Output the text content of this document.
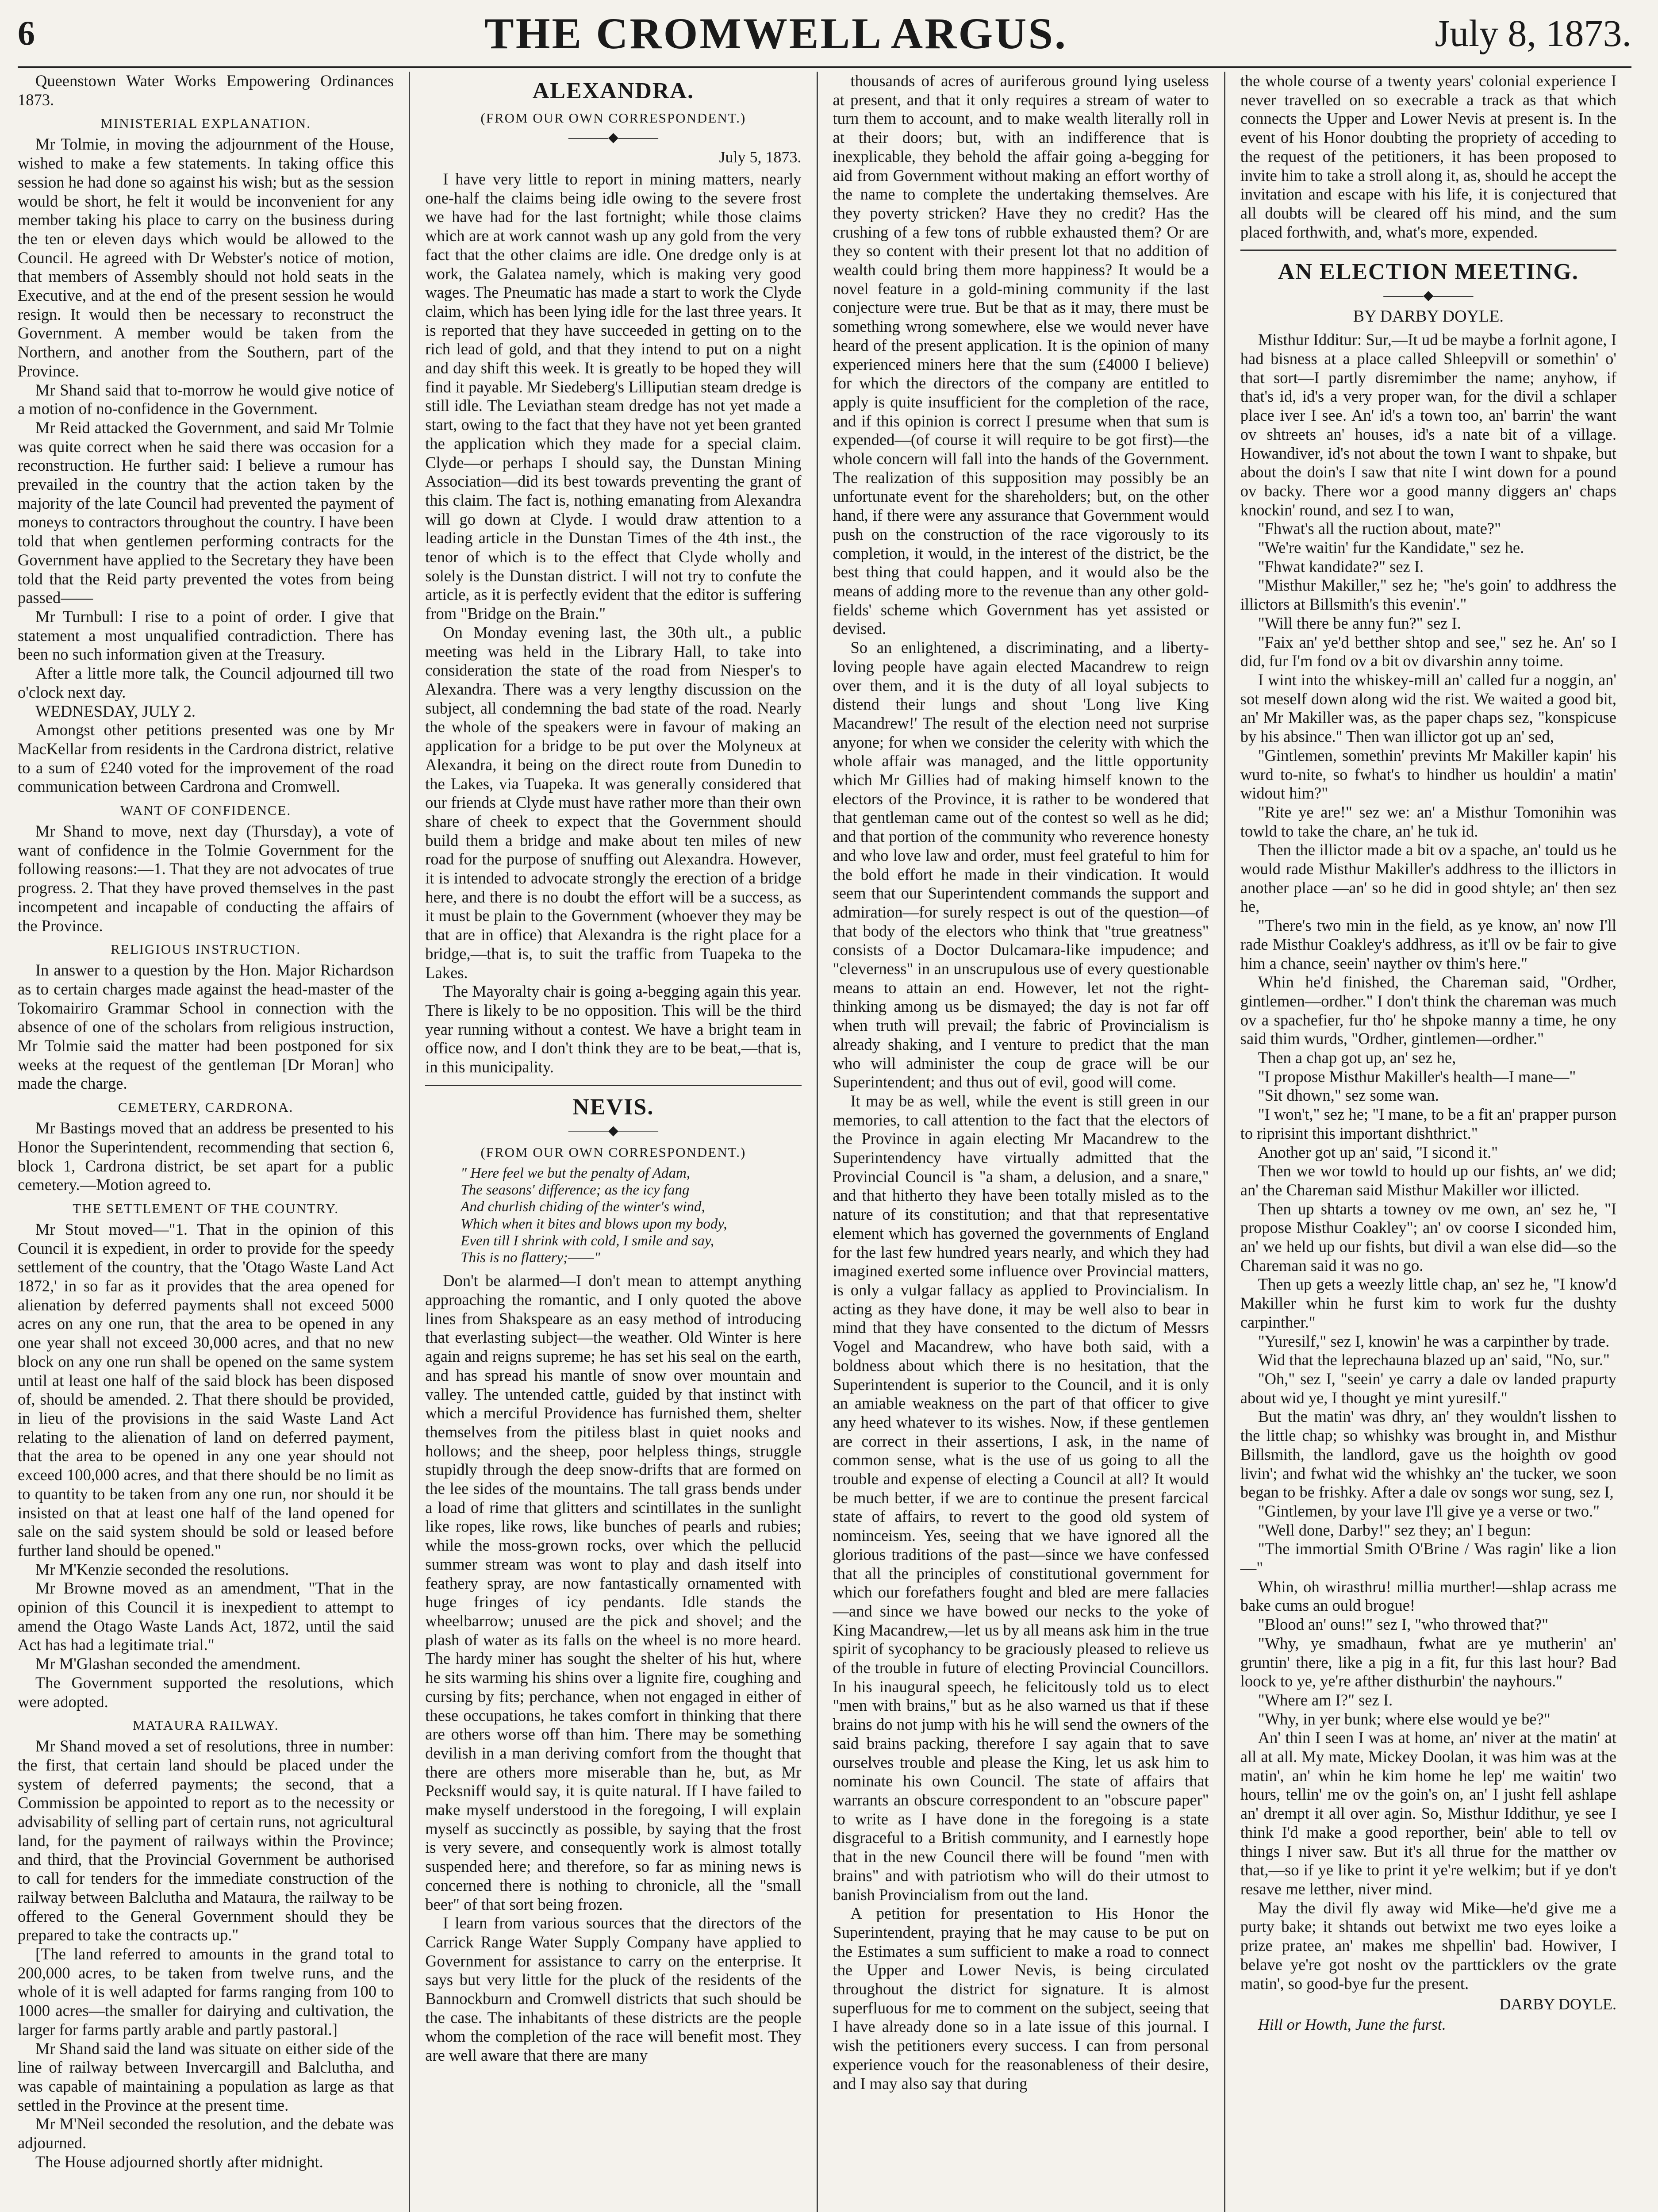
6	THE CROMWELL ARGUS.	July 8, 1873.

Queenstown Water Works Empowering Ordinances 1873.

MINISTERIAL EXPLANATION.

Mr Tolmie, in moving the adjournment of the House, wished to make a few statements. In taking office this session he had done so against his wish; but as the session would be short, he felt it would be inconvenient for any member taking his place to carry on the business during the ten or eleven days which would be allowed to the Council. He agreed with Dr Webster's notice of motion, that members of Assembly should not hold seats in the Executive, and at the end of the present session he would resign. It would then be necessary to reconstruct the Government. A member would be taken from the Northern, and another from the Southern, part of the Province.

Mr Shand said that to-morrow he would give notice of a motion of no-confidence in the Government.

Mr Reid attacked the Government, and said Mr Tolmie was quite correct when he said there was occasion for a reconstruction. He further said: I believe a rumour has prevailed in the country that the action taken by the majority of the late Council had prevented the payment of moneys to contractors throughout the country. I have been told that when gentlemen performing contracts for the Government have applied to the Secretary they have been told that the Reid party prevented the votes from being passed——

Mr Turnbull: I rise to a point of order. I give that statement a most unqualified contradiction. There has been no such information given at the Treasury.

After a little more talk, the Council adjourned till two o'clock next day.

WEDNESDAY, JULY 2.

Amongst other petitions presented was one by Mr MacKellar from residents in the Cardrona district, relative to a sum of £240 voted for the improvement of the road communication between Cardrona and Cromwell.

WANT OF CONFIDENCE.

Mr Shand to move, next day (Thursday), a vote of want of confidence in the Tolmie Government for the following reasons:—1. That they are not advocates of true progress. 2. That they have proved themselves in the past incompetent and incapable of conducting the affairs of the Province.

RELIGIOUS INSTRUCTION.

In answer to a question by the Hon. Major Richardson as to certain charges made against the head-master of the Tokomairiro Grammar School in connection with the absence of one of the scholars from religious instruction, Mr Tolmie said the matter had been postponed for six weeks at the request of the gentleman [Dr Moran] who made the charge.

CEMETERY, CARDRONA.

Mr Bastings moved that an address be presented to his Honor the Superintendent, recommending that section 6, block 1, Cardrona district, be set apart for a public cemetery.—Motion agreed to.

THE SETTLEMENT OF THE COUNTRY.

Mr Stout moved—"1. That in the opinion of this Council it is expedient, in order to provide for the speedy settlement of the country, that the 'Otago Waste Land Act 1872,' in so far as it provides that the area opened for alienation by deferred payments shall not exceed 5000 acres on any one run, that the area to be opened in any one year shall not exceed 30,000 acres, and that no new block on any one run shall be opened on the same system until at least one half of the said block has been disposed of, should be amended. 2. That there should be provided, in lieu of the provisions in the said Waste Land Act relating to the alienation of land on deferred payment, that the area to be opened in any one year should not exceed 100,000 acres, and that there should be no limit as to quantity to be taken from any one run, nor should it be insisted on that at least one half of the land opened for sale on the said system should be sold or leased before further land should be opened."

Mr M'Kenzie seconded the resolutions.

Mr Browne moved as an amendment, "That in the opinion of this Council it is inexpedient to attempt to amend the Otago Waste Lands Act, 1872, until the said Act has had a legitimate trial."

Mr M'Glashan seconded the amendment.

The Government supported the resolutions, which were adopted.

MATAURA RAILWAY.

Mr Shand moved a set of resolutions, three in number: the first, that certain land should be placed under the system of deferred payments; the second, that a Commission be appointed to report as to the necessity or advisability of selling part of certain runs, not agricultural land, for the payment of railways within the Province; and third, that the Provincial Government be authorised to call for tenders for the immediate construction of the railway between Balclutha and Mataura, the railway to be offered to the General Government should they be prepared to take the contracts up."

[The land referred to amounts in the grand total to 200,000 acres, to be taken from twelve runs, and the whole of it is well adapted for farms ranging from 100 to 1000 acres—the smaller for dairying and cultivation, the larger for farms partly arable and partly pastoral.]

Mr Shand said the land was situate on either side of the line of railway between Invercargill and Balclutha, and was capable of maintaining a population as large as that settled in the Province at the present time.

Mr M'Neil seconded the resolution, and the debate was adjourned.

The House adjourned shortly after midnight.

ALEXANDRA.
(FROM OUR OWN CORRESPONDENT.)
———◆———
July 5, 1873.

I have very little to report in mining matters, nearly one-half the claims being idle owing to the severe frost we have had for the last fortnight; while those claims which are at work cannot wash up any gold from the very fact that the other claims are idle. One dredge only is at work, the Galatea namely, which is making very good wages. The Pneumatic has made a start to work the Clyde claim, which has been lying idle for the last three years. It is reported that they have succeeded in getting on to the rich lead of gold, and that they intend to put on a night and day shift this week. It is greatly to be hoped they will find it payable. Mr Siedeberg's Lilliputian steam dredge is still idle. The Leviathan steam dredge has not yet made a start, owing to the fact that they have not yet been granted the application which they made for a special claim. Clyde—or perhaps I should say, the Dunstan Mining Association—did its best towards preventing the grant of this claim. The fact is, nothing emanating from Alexandra will go down at Clyde. I would draw attention to a leading article in the Dunstan Times of the 4th inst., the tenor of which is to the effect that Clyde wholly and solely is the Dunstan district. I will not try to confute the article, as it is perfectly evident that the editor is suffering from "Bridge on the Brain."

On Monday evening last, the 30th ult., a public meeting was held in the Library Hall, to take into consideration the state of the road from Niesper's to Alexandra. There was a very lengthy discussion on the subject, all condemning the bad state of the road. Nearly the whole of the speakers were in favour of making an application for a bridge to be put over the Molyneux at Alexandra, it being on the direct route from Dunedin to the Lakes, via Tuapeka. It was generally considered that our friends at Clyde must have rather more than their own share of cheek to expect that the Government should build them a bridge and make about ten miles of new road for the purpose of snuffing out Alexandra. However, it is intended to advocate strongly the erection of a bridge here, and there is no doubt the effort will be a success, as it must be plain to the Government (whoever they may be that are in office) that Alexandra is the right place for a bridge,—that is, to suit the traffic from Tuapeka to the Lakes.

The Mayoralty chair is going a-begging again this year. There is likely to be no opposition. This will be the third year running without a contest. We have a bright team in office now, and I don't think they are to be beat,—that is, in this municipality.

NEVIS.
———◆———
(FROM OUR OWN CORRESPONDENT.)
" Here feel we but the penalty of Adam,
The seasons' difference; as the icy fang
And churlish chiding of the winter's wind,
Which when it bites and blows upon my body,
Even till I shrink with cold, I smile and say,
This is no flattery;——"

Don't be alarmed—I don't mean to attempt anything approaching the romantic, and I only quoted the above lines from Shakspeare as an easy method of introducing that everlasting subject—the weather. Old Winter is here again and reigns supreme; he has set his seal on the earth, and has spread his mantle of snow over mountain and valley. The untended cattle, guided by that instinct with which a merciful Providence has furnished them, shelter themselves from the pitiless blast in quiet nooks and hollows; and the sheep, poor helpless things, struggle stupidly through the deep snow-drifts that are formed on the lee sides of the mountains. The tall grass bends under a load of rime that glitters and scintillates in the sunlight like ropes, like rows, like bunches of pearls and rubies; while the moss-grown rocks, over which the pellucid summer stream was wont to play and dash itself into feathery spray, are now fantastically ornamented with huge fringes of icy pendants. Idle stands the wheelbarrow; unused are the pick and shovel; and the plash of water as its falls on the wheel is no more heard. The hardy miner has sought the shelter of his hut, where he sits warming his shins over a lignite fire, coughing and cursing by fits; perchance, when not engaged in either of these occupations, he takes comfort in thinking that there are others worse off than him. There may be something devilish in a man deriving comfort from the thought that there are others more miserable than he, but, as Mr Pecksniff would say, it is quite natural. If I have failed to make myself understood in the foregoing, I will explain myself as succinctly as possible, by saying that the frost is very severe, and consequently work is almost totally suspended here; and therefore, so far as mining news is concerned there is nothing to chronicle, all the "small beer" of that sort being frozen.

I learn from various sources that the directors of the Carrick Range Water Supply Company have applied to Government for assistance to carry on the enterprise. It says but very little for the pluck of the residents of the Bannockburn and Cromwell districts that such should be the case. The inhabitants of these districts are the people whom the completion of the race will benefit most. They are well aware that there are many

thousands of acres of auriferous ground lying useless at present, and that it only requires a stream of water to turn them to account, and to make wealth literally roll in at their doors; but, with an indifference that is inexplicable, they behold the affair going a-begging for aid from Government without making an effort worthy of the name to complete the undertaking themselves. Are they poverty stricken? Have they no credit? Has the crushing of a few tons of rubble exhausted them? Or are they so content with their present lot that no addition of wealth could bring them more happiness? It would be a novel feature in a gold-mining community if the last conjecture were true. But be that as it may, there must be something wrong somewhere, else we would never have heard of the present application. It is the opinion of many experienced miners here that the sum (£4000 I believe) for which the directors of the company are entitled to apply is quite insufficient for the completion of the race, and if this opinion is correct I presume when that sum is expended—(of course it will require to be got first)—the whole concern will fall into the hands of the Government. The realization of this supposition may possibly be an unfortunate event for the shareholders; but, on the other hand, if there were any assurance that Government would push on the construction of the race vigorously to its completion, it would, in the interest of the district, be the best thing that could happen, and it would also be the means of adding more to the revenue than any other gold-fields' scheme which Government has yet assisted or devised.

So an enlightened, a discriminating, and a liberty-loving people have again elected Macandrew to reign over them, and it is the duty of all loyal subjects to distend their lungs and shout 'Long live King Macandrew!' The result of the election need not surprise anyone; for when we consider the celerity with which the whole affair was managed, and the little opportunity which Mr Gillies had of making himself known to the electors of the Province, it is rather to be wondered that that gentleman came out of the contest so well as he did; and that portion of the community who reverence honesty and who love law and order, must feel grateful to him for the bold effort he made in their vindication. It would seem that our Superintendent commands the support and admiration—for surely respect is out of the question—of that body of the electors who think that "true greatness" consists of a Doctor Dulcamara-like impudence; and "cleverness" in an unscrupulous use of every questionable means to attain an end. However, let not the right-thinking among us be dismayed; the day is not far off when truth will prevail; the fabric of Provincialism is already shaking, and I venture to predict that the man who will administer the coup de grace will be our Superintendent; and thus out of evil, good will come.

It may be as well, while the event is still green in our memories, to call attention to the fact that the electors of the Province in again electing Mr Macandrew to the Superintendency have virtually admitted that the Provincial Council is "a sham, a delusion, and a snare," and that hitherto they have been totally misled as to the nature of its constitution; and that that representative element which has governed the governments of England for the last few hundred years nearly, and which they had imagined exerted some influence over Provincial matters, is only a vulgar fallacy as applied to Provincialism. In acting as they have done, it may be well also to bear in mind that they have consented to the dictum of Messrs Vogel and Macandrew, who have both said, with a boldness about which there is no hesitation, that the Superintendent is superior to the Council, and it is only an amiable weakness on the part of that officer to give any heed whatever to its wishes. Now, if these gentlemen are correct in their assertions, I ask, in the name of common sense, what is the use of us going to all the trouble and expense of electing a Council at all? It would be much better, if we are to continue the present farcical state of affairs, to revert to the good old system of nominceism. Yes, seeing that we have ignored all the glorious traditions of the past—since we have confessed that all the principles of constitutional government for which our forefathers fought and bled are mere fallacies—and since we have bowed our necks to the yoke of King Macandrew,—let us by all means ask him in the true spirit of sycophancy to be graciously pleased to relieve us of the trouble in future of electing Provincial Councillors. In his inaugural speech, he felicitously told us to elect "men with brains," but as he also warned us that if these brains do not jump with his he will send the owners of the said brains packing, therefore I say again that to save ourselves trouble and please the King, let us ask him to nominate his own Council. The state of affairs that warrants an obscure correspondent to an "obscure paper" to write as I have done in the foregoing is a state disgraceful to a British community, and I earnestly hope that in the new Council there will be found "men with brains" and with patriotism who will do their utmost to banish Provincialism from out the land.

A petition for presentation to His Honor the Superintendent, praying that he may cause to be put on the Estimates a sum sufficient to make a road to connect the Upper and Lower Nevis, is being circulated throughout the district for signature. It is almost superfluous for me to comment on the subject, seeing that I have already done so in a late issue of this journal. I wish the petitioners every success. I can from personal experience vouch for the reasonableness of their desire, and I may also say that during

the whole course of a twenty years' colonial experience I never travelled on so execrable a track as that which connects the Upper and Lower Nevis at present is. In the event of his Honor doubting the propriety of acceding to the request of the petitioners, it has been proposed to invite him to take a stroll along it, as, should he accept the invitation and escape with his life, it is conjectured that all doubts will be cleared off his mind, and the sum placed forthwith, and, what's more, expended.

AN ELECTION MEETING.
———◆———
BY DARBY DOYLE.

Misthur Idditur: Sur,—It ud be maybe a forlnit agone, I had bisness at a place called Shleepvill or somethin' o' that sort—I partly disremimber the name; anyhow, if that's id, id's a very proper wan, for the divil a schlaper place iver I see. An' id's a town too, an' barrin' the want ov shtreets an' houses, id's a nate bit of a village. Howandiver, id's not about the town I want to shpake, but about the doin's I saw that nite I wint down for a pound ov backy. There wor a good manny diggers an' chaps knockin' round, and sez I to wan,

"Fhwat's all the ruction about, mate?"

"We're waitin' fur the Kandidate," sez he.

"Fhwat kandidate?" sez I.

"Misthur Makiller," sez he; "he's goin' to addhress the illictors at Billsmith's this evenin'."

"Will there be anny fun?" sez I.

"Faix an' ye'd betther shtop and see," sez he. An' so I did, fur I'm fond ov a bit ov divarshin anny toime.

I wint into the whiskey-mill an' called fur a noggin, an' sot meself down along wid the rist. We waited a good bit, an' Mr Makiller was, as the paper chaps sez, "konspicuse by his absince." Then wan illictor got up an' sed,

"Gintlemen, somethin' prevints Mr Makiller kapin' his wurd to-nite, so fwhat's to hindher us houldin' a matin' widout him?"

"Rite ye are!" sez we: an' a Misthur Tomonihin was towld to take the chare, an' he tuk id.

Then the illictor made a bit ov a spache, an' tould us he would rade Misthur Makiller's addhress to the illictors in another place —an' so he did in good shtyle; an' then sez he,

"There's two min in the field, as ye know, an' now I'll rade Misthur Coakley's addhress, as it'll ov be fair to give him a chance, seein' nayther ov thim's here."

Whin he'd finished, the Chareman said, "Ordher, gintlemen—ordher." I don't think the chareman was much ov a spachefier, fur tho' he shpoke manny a time, he ony said thim wurds, "Ordher, gintlemen—ordher."

Then a chap got up, an' sez he,

"I propose Misthur Makiller's health—I mane—"

"Sit dhown," sez some wan.

"I won't," sez he; "I mane, to be a fit an' prapper purson to riprisint this important dishthrict."

Another got up an' said, "I sicond it."

Then we wor towld to hould up our fishts, an' we did; an' the Chareman said Misthur Makiller wor illicted.

Then up shtarts a towney ov me own, an' sez he, "I propose Misthur Coakley"; an' ov coorse I siconded him, an' we held up our fishts, but divil a wan else did—so the Chareman said it was no go.

Then up gets a weezly little chap, an' sez he, "I know'd Makiller whin he furst kim to work fur the dushty carpinther."

"Yuresilf," sez I, knowin' he was a carpinther by trade.

Wid that the leprechauna blazed up an' said, "No, sur."

"Oh," sez I, "seein' ye carry a dale ov landed prapurty about wid ye, I thought ye mint yuresilf."

But the matin' was dhry, an' they wouldn't lisshen to the little chap; so whishky was brought in, and Misthur Billsmith, the landlord, gave us the hoighth ov good livin'; and fwhat wid the whishky an' the tucker, we soon began to be frishky. After a dale ov songs wor sung, sez I,

"Gintlemen, by your lave I'll give ye a verse or two."

"Well done, Darby!" sez they; an' I begun:

"The immortial Smith O'Brine / Was ragin' like a lion—"

Whin, oh wirasthru! millia murther!—shlap acrass me bake cums an ould brogue!

"Blood an' ouns!" sez I, "who throwed that?"

"Why, ye smadhaun, fwhat are ye mutherin' an' gruntin' there, like a pig in a fit, fur this last hour? Bad loock to ye, ye're afther disthurbin' the nayhours."

"Where am I?" sez I.

"Why, in yer bunk; where else would ye be?"

An' thin I seen I was at home, an' niver at the matin' at all at all. My mate, Mickey Doolan, it was him was at the matin', an' whin he kim home he lep' me waitin' two hours, tellin' me ov the goin's on, an' I jusht fell ashlape an' drempt it all over agin. So, Misthur Iddithur, ye see I think I'd make a good reporther, bein' able to tell ov things I niver saw. But it's all thrue for the matther ov that,—so if ye like to print it ye're welkim; but if ye don't resave me letther, niver mind.

May the divil fly away wid Mike—he'd give me a purty bake; it shtands out betwixt me two eyes loike a prize pratee, an' makes me shpellin' bad. Howiver, I belave ye're got nosht ov the partticklers ov the grate matin', so good-bye fur the present.

DARBY DOYLE.
Hill or Howth, June the furst.
